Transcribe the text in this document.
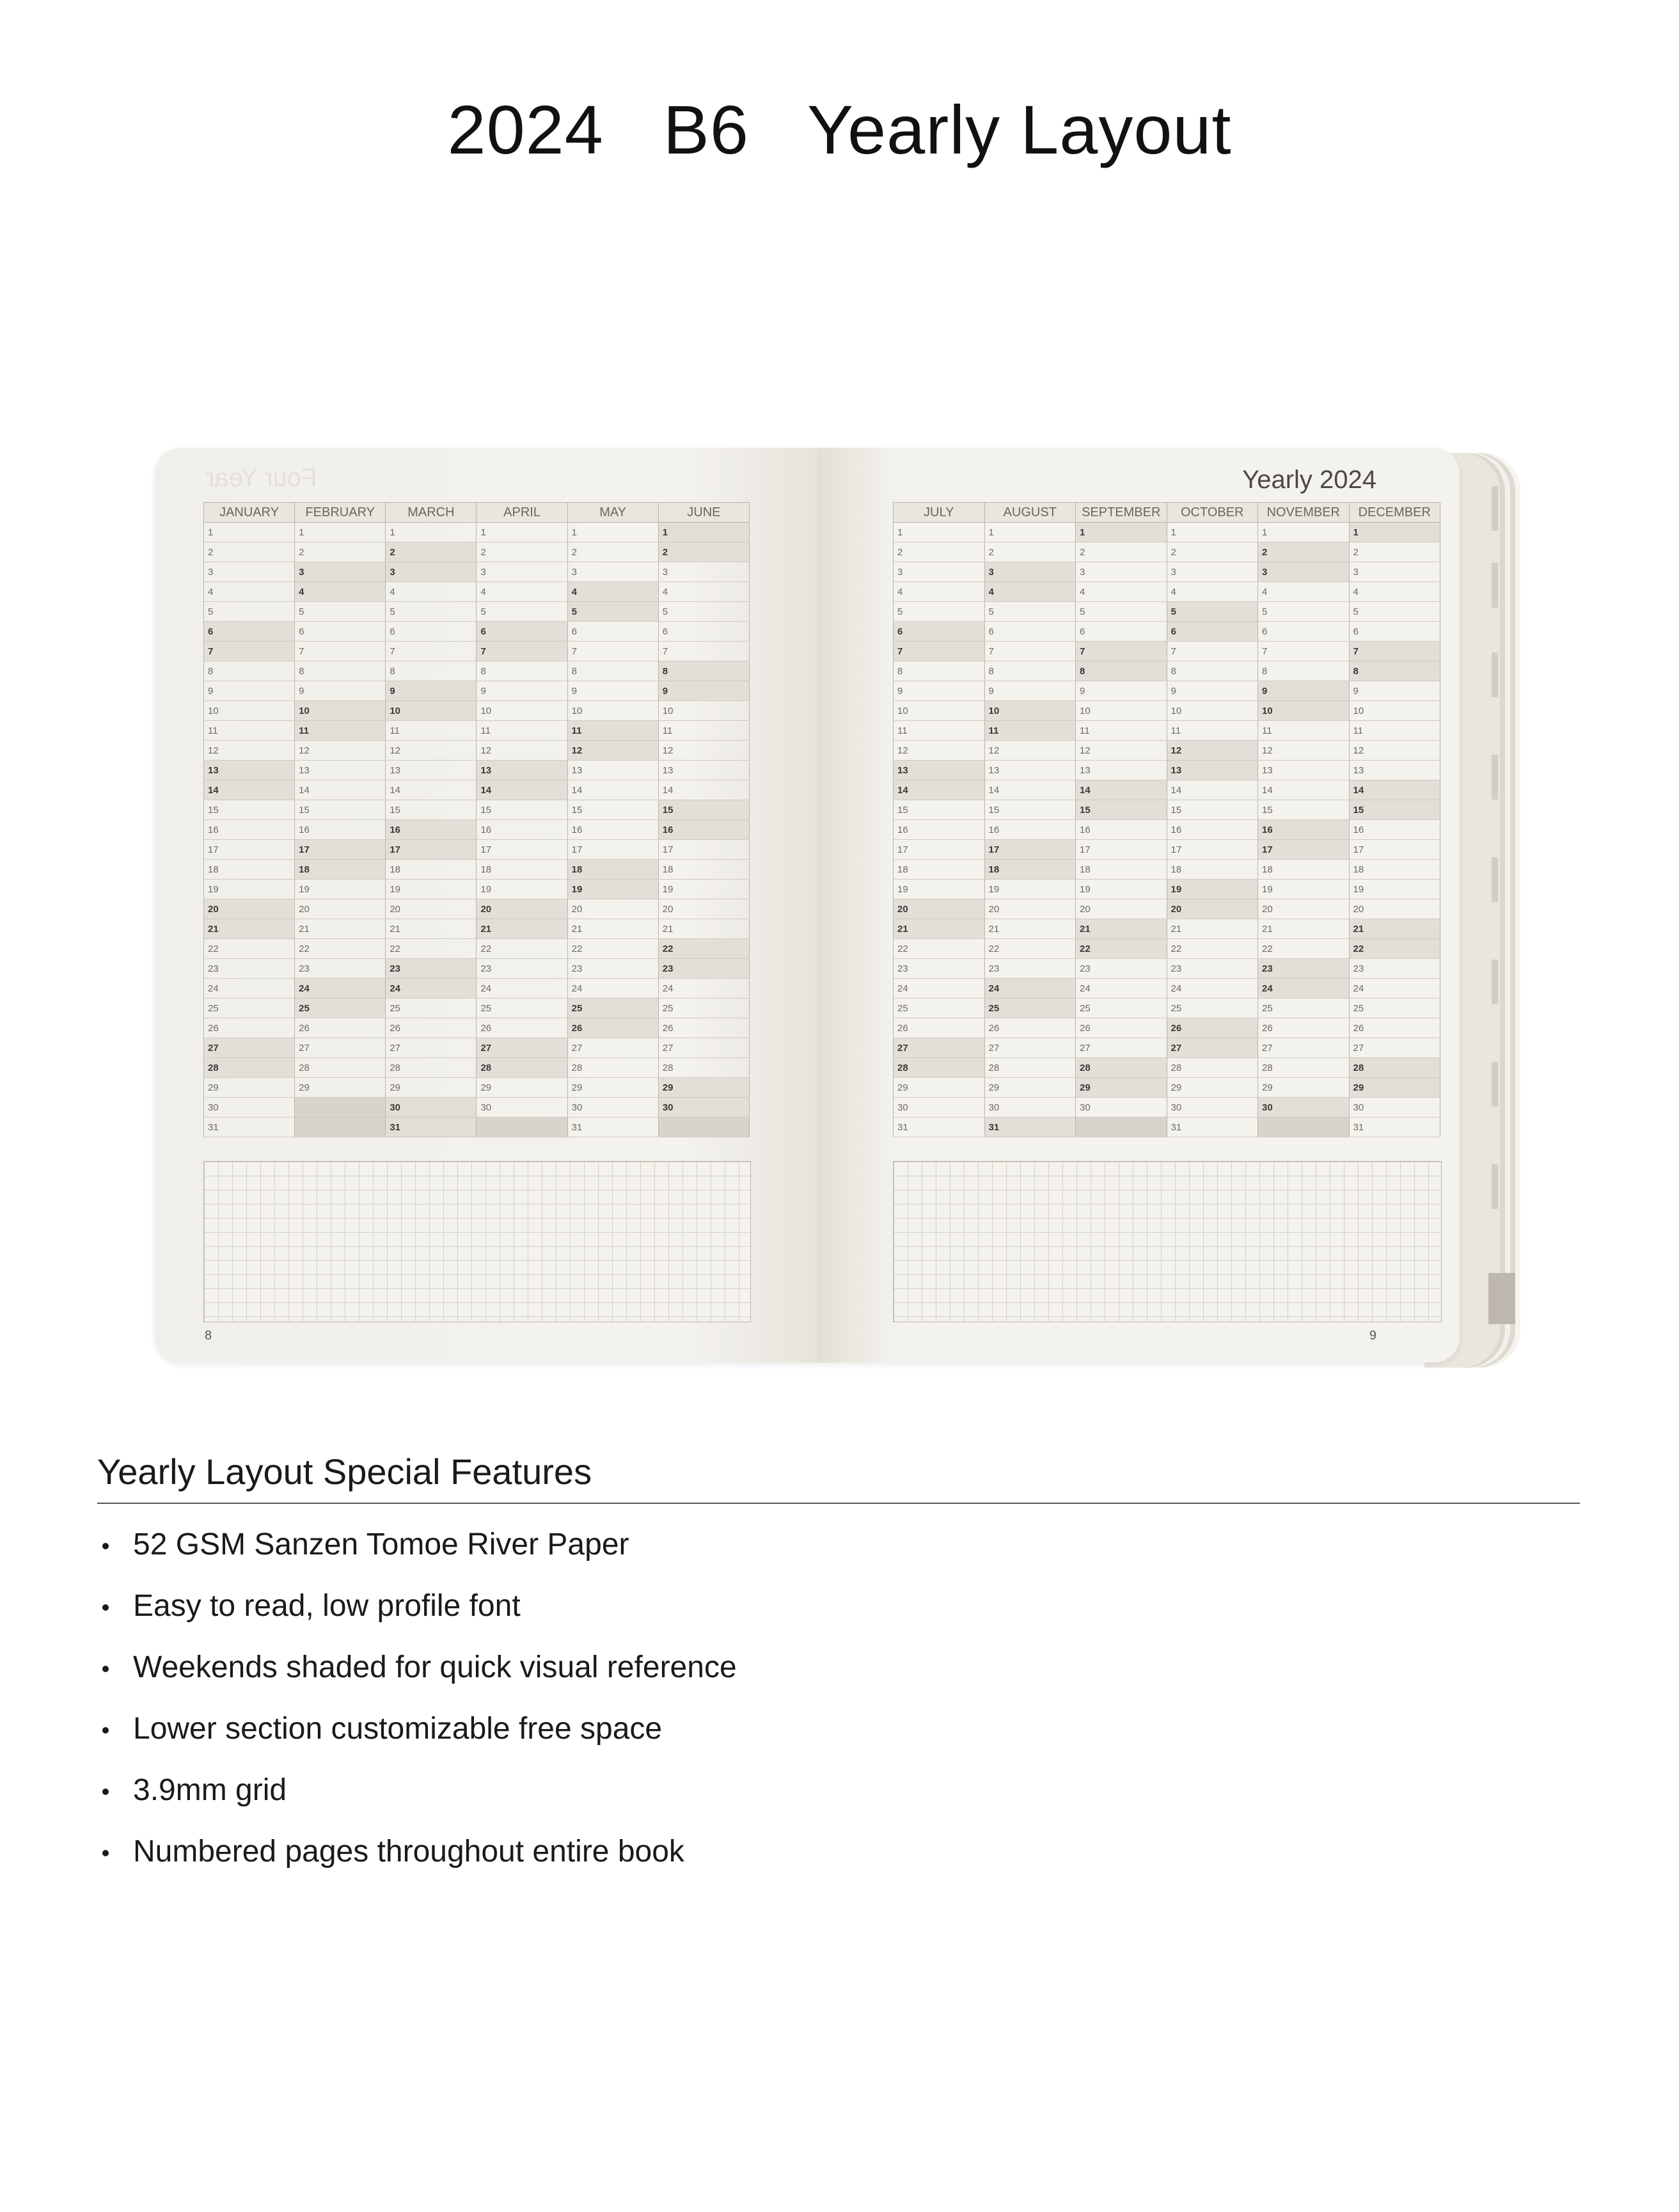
2024   B6   Yearly Layout
Four Year
JANUARY	FEBRUARY	MARCH	APRIL	MAY	JUNE
1	1	1	1	1	1
2	2	2	2	2	2
3	3	3	3	3	3
4	4	4	4	4	4
5	5	5	5	5	5
6	6	6	6	6	6
7	7	7	7	7	7
8	8	8	8	8	8
9	9	9	9	9	9
10	10	10	10	10	10
11	11	11	11	11	11
12	12	12	12	12	12
13	13	13	13	13	13
14	14	14	14	14	14
15	15	15	15	15	15
16	16	16	16	16	16
17	17	17	17	17	17
18	18	18	18	18	18
19	19	19	19	19	19
20	20	20	20	20	20
21	21	21	21	21	21
22	22	22	22	22	22
23	23	23	23	23	23
24	24	24	24	24	24
25	25	25	25	25	25
26	26	26	26	26	26
27	27	27	27	27	27
28	28	28	28	28	28
29	29	29	29	29	29
30		30	30	30	30
31		31		31	
8
Yearly 2024
JULY	AUGUST	SEPTEMBER	OCTOBER	NOVEMBER	DECEMBER
1	1	1	1	1	1
2	2	2	2	2	2
3	3	3	3	3	3
4	4	4	4	4	4
5	5	5	5	5	5
6	6	6	6	6	6
7	7	7	7	7	7
8	8	8	8	8	8
9	9	9	9	9	9
10	10	10	10	10	10
11	11	11	11	11	11
12	12	12	12	12	12
13	13	13	13	13	13
14	14	14	14	14	14
15	15	15	15	15	15
16	16	16	16	16	16
17	17	17	17	17	17
18	18	18	18	18	18
19	19	19	19	19	19
20	20	20	20	20	20
21	21	21	21	21	21
22	22	22	22	22	22
23	23	23	23	23	23
24	24	24	24	24	24
25	25	25	25	25	25
26	26	26	26	26	26
27	27	27	27	27	27
28	28	28	28	28	28
29	29	29	29	29	29
30	30	30	30	30	30
31	31		31		31
9
Yearly Layout Special Features
52 GSM Sanzen Tomoe River Paper
Easy to read, low profile font
Weekends shaded for quick visual reference
Lower section customizable free space
3.9mm grid
Numbered pages throughout entire book
